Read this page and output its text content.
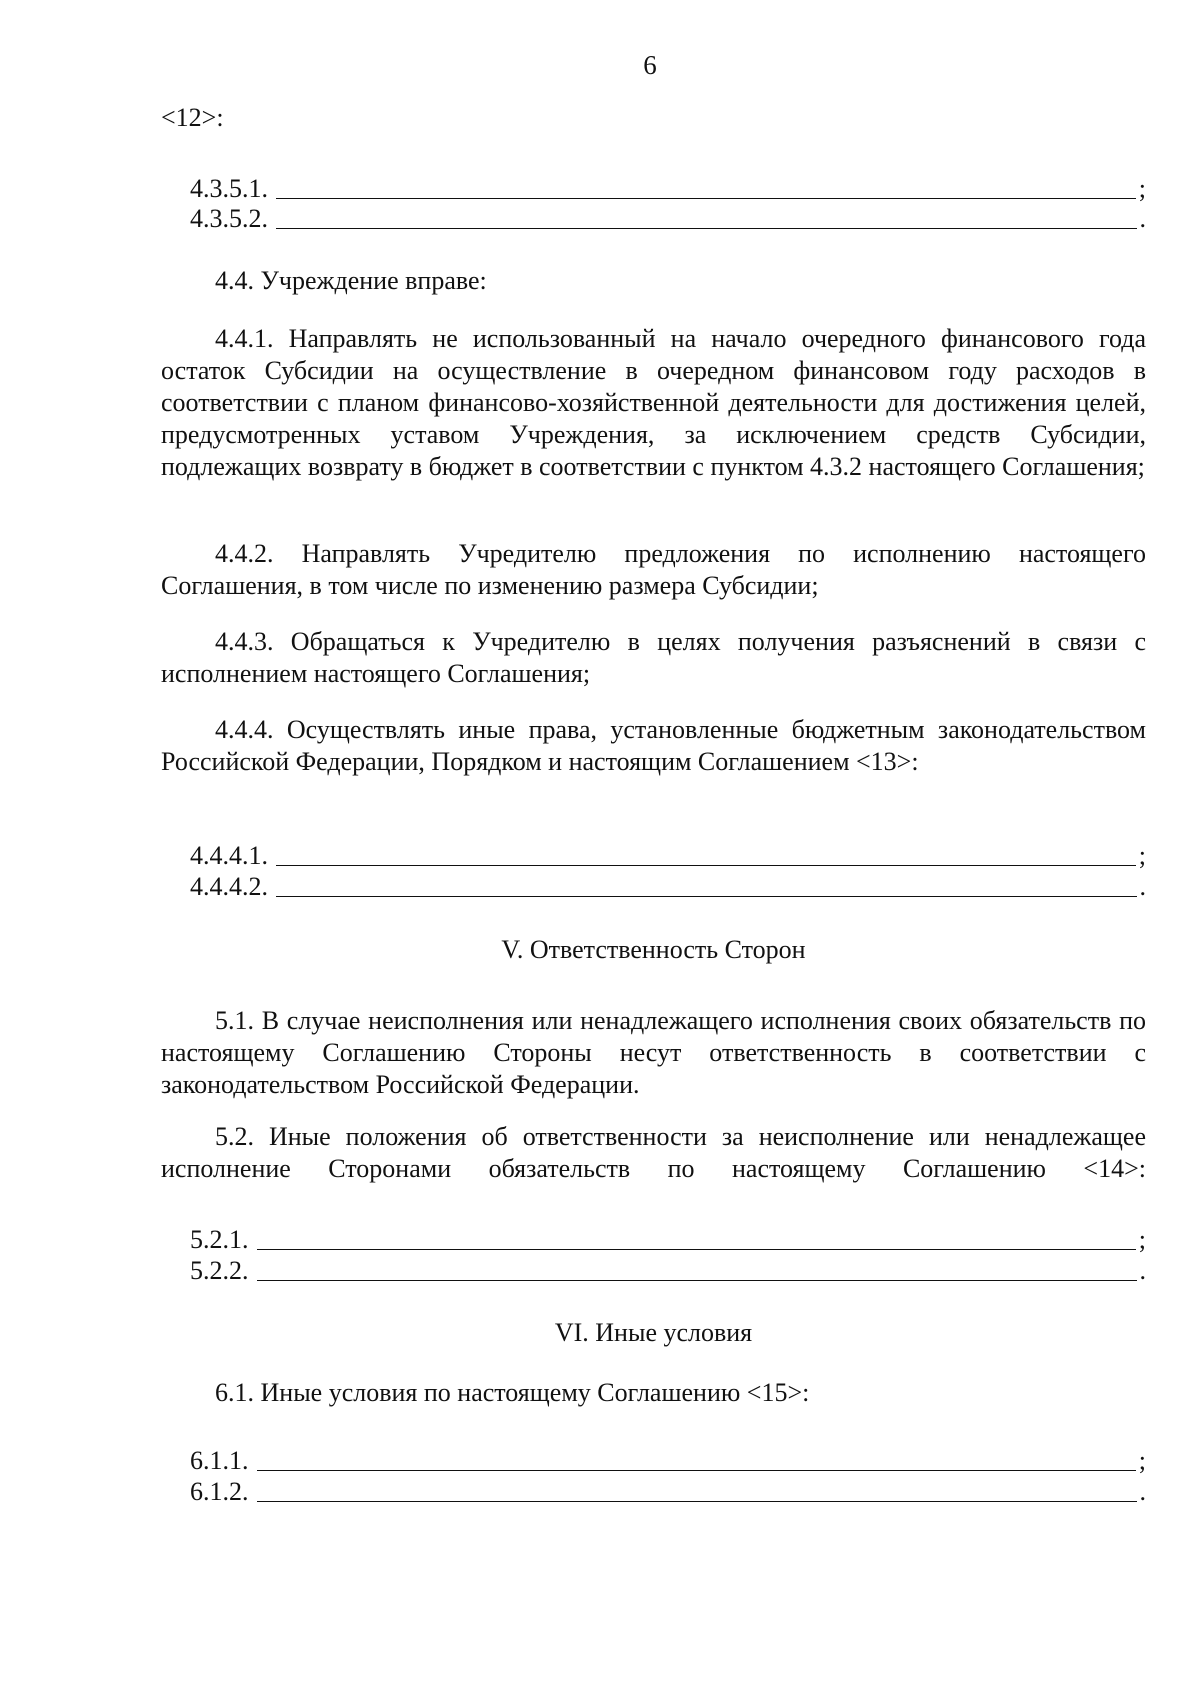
6
<12>:
4.3.5.1.	;
4.3.5.2.	.
4.4. Учреждение вправе:
4.4.1. Направлять не использованный на начало очередного финансового года остаток Субсидии на осуществление в очередном финансовом году расходов в соответствии с планом финансово-хозяйственной деятельности для достижения целей, предусмотренных уставом Учреждения, за исключением средств Субсидии, подлежащих возврату в бюджет в соответствии с пунктом 4.3.2 настоящего Соглашения;
4.4.2. Направлять Учредителю предложения по исполнению настоящего Соглашения, в том числе по изменению размера Субсидии;
4.4.3. Обращаться к Учредителю в целях получения разъяснений в связи с исполнением настоящего Соглашения;
4.4.4. Осуществлять иные права, установленные бюджетным законодательством Российской Федерации, Порядком и настоящим Соглашением <13>:
4.4.4.1.	;
4.4.4.2.	.
V. Ответственность Сторон
5.1. В случае неисполнения или ненадлежащего исполнения своих обязательств по настоящему Соглашению Стороны несут ответственность в соответствии с законодательством Российской Федерации.
5.2. Иные положения об ответственности за неисполнение или ненадлежащее исполнение Сторонами обязательств по настоящему Соглашению <14>:
5.2.1.	;
5.2.2.	.
VI. Иные условия
6.1. Иные условия по настоящему Соглашению <15>:
6.1.1.	;
6.1.2.	.
